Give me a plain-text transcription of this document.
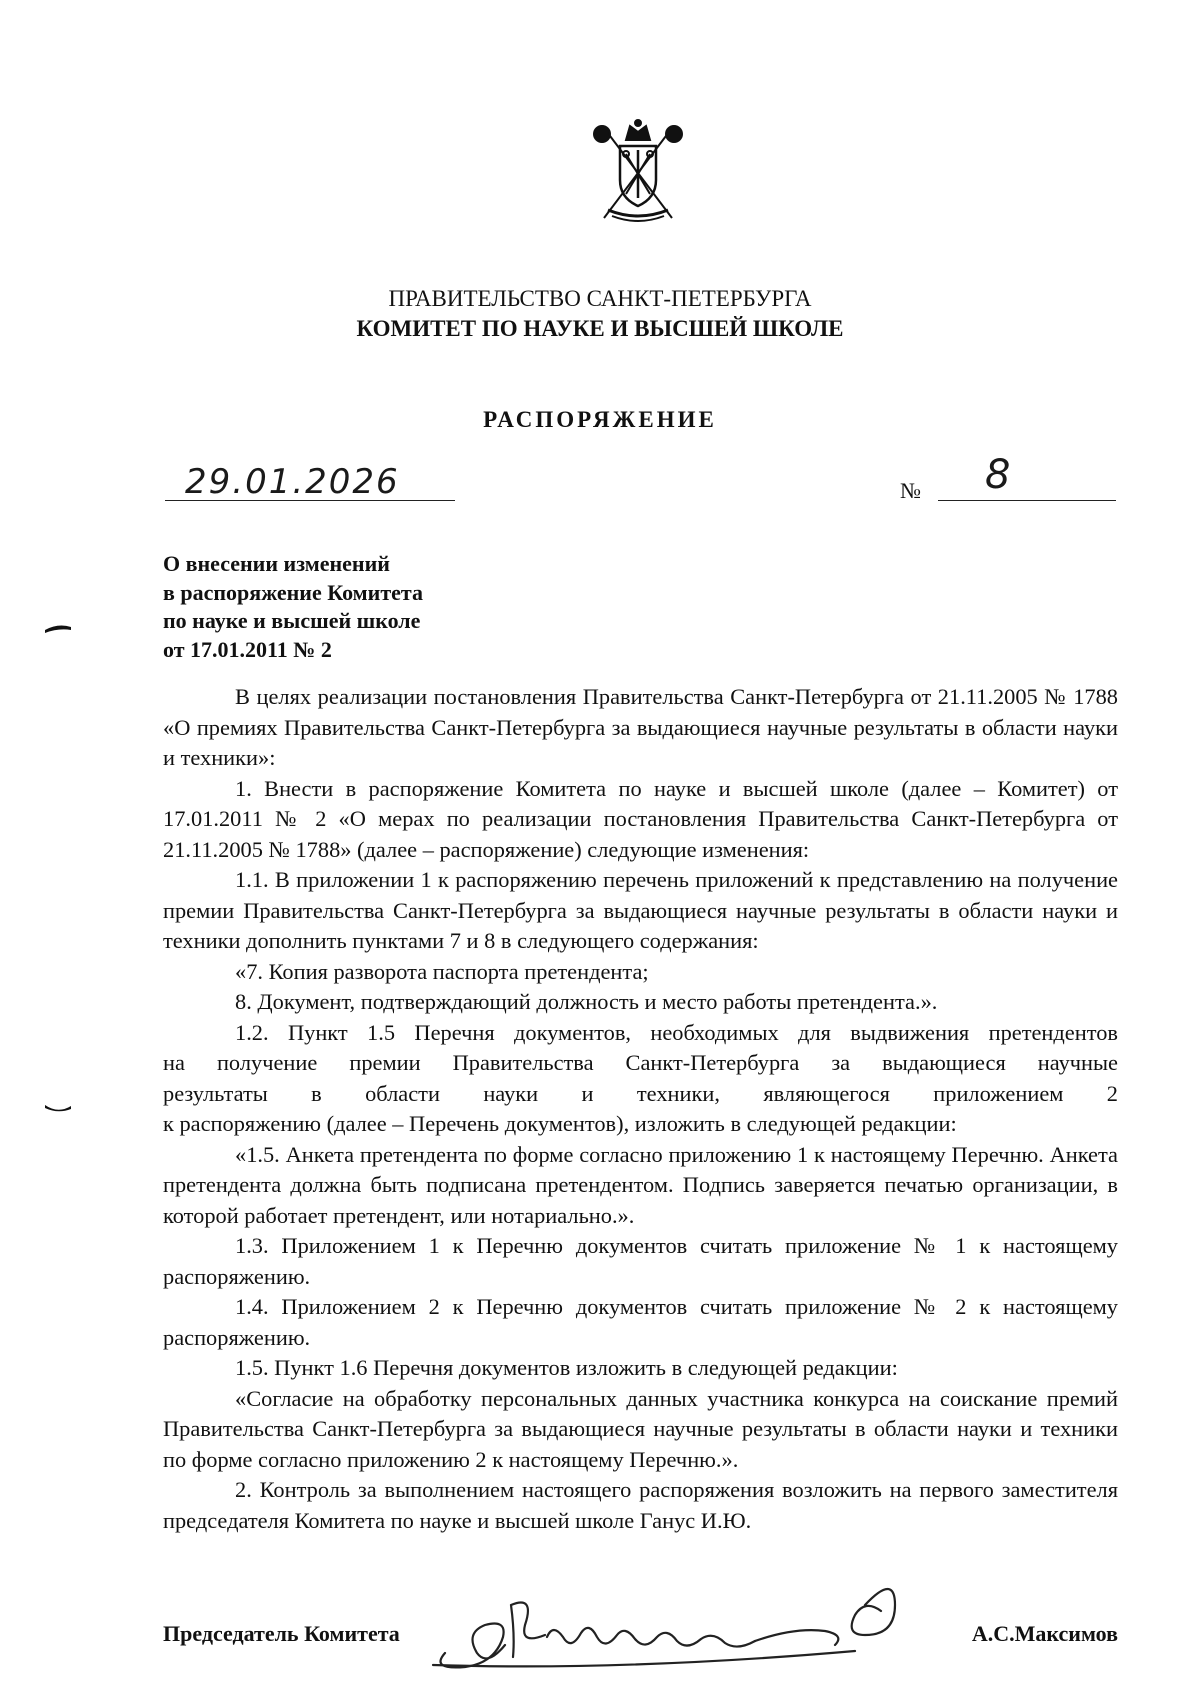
ПРАВИТЕЛЬСТВО САНКТ-ПЕТЕРБУРГА
КОМИТЕТ ПО НАУКЕ И ВЫСШЕЙ ШКОЛЕ
РАСПОРЯЖЕНИЕ
29.01.2026	№ 8
О внесении изменений
в распоряжение Комитета
по науке и высшей школе
от 17.01.2011 № 2

В целях реализации постановления Правительства Санкт-Петербурга от 21.11.2005 № 1788 «О премиях Правительства Санкт-Петербурга за выдающиеся научные результаты в области науки и техники»:

1. Внести в распоряжение Комитета по науке и высшей школе (далее – Комитет) от 17.01.2011 № 2 «О мерах по реализации постановления Правительства Санкт-Петербурга от 21.11.2005 № 1788» (далее – распоряжение) следующие изменения:

1.1. В приложении 1 к распоряжению перечень приложений к представлению на получение премии Правительства Санкт-Петербурга за выдающиеся научные результаты в области науки и техники дополнить пунктами 7 и 8 в следующего содержания:

«7. Копия разворота паспорта претендента;

8. Документ, подтверждающий должность и место работы претендента.».

1.2. Пункт 1.5 Перечня документов, необходимых для выдвижения претендентов
на получение премии Правительства Санкт-Петербурга за выдающиеся научные
результаты в области науки и техники, являющегося приложением 2
к распоряжению (далее – Перечень документов), изложить в следующей редакции:

«1.5. Анкета претендента по форме согласно приложению 1 к настоящему Перечню. Анкета претендента должна быть подписана претендентом. Подпись заверяется печатью организации, в которой работает претендент, или нотариально.».

1.3. Приложением 1 к Перечню документов считать приложение № 1 к настоящему распоряжению.

1.4. Приложением 2 к Перечню документов считать приложение № 2 к настоящему распоряжению.

1.5. Пункт 1.6 Перечня документов изложить в следующей редакции:

«Согласие на обработку персональных данных участника конкурса на соискание премий Правительства Санкт-Петербурга за выдающиеся научные результаты в области науки и техники по форме согласно приложению 2 к настоящему Перечню.».

2. Контроль за выполнением настоящего распоряжения возложить на первого заместителя председателя Комитета по науке и высшей школе Ганус И.Ю.

Председатель Комитета	А.С.Максимов
